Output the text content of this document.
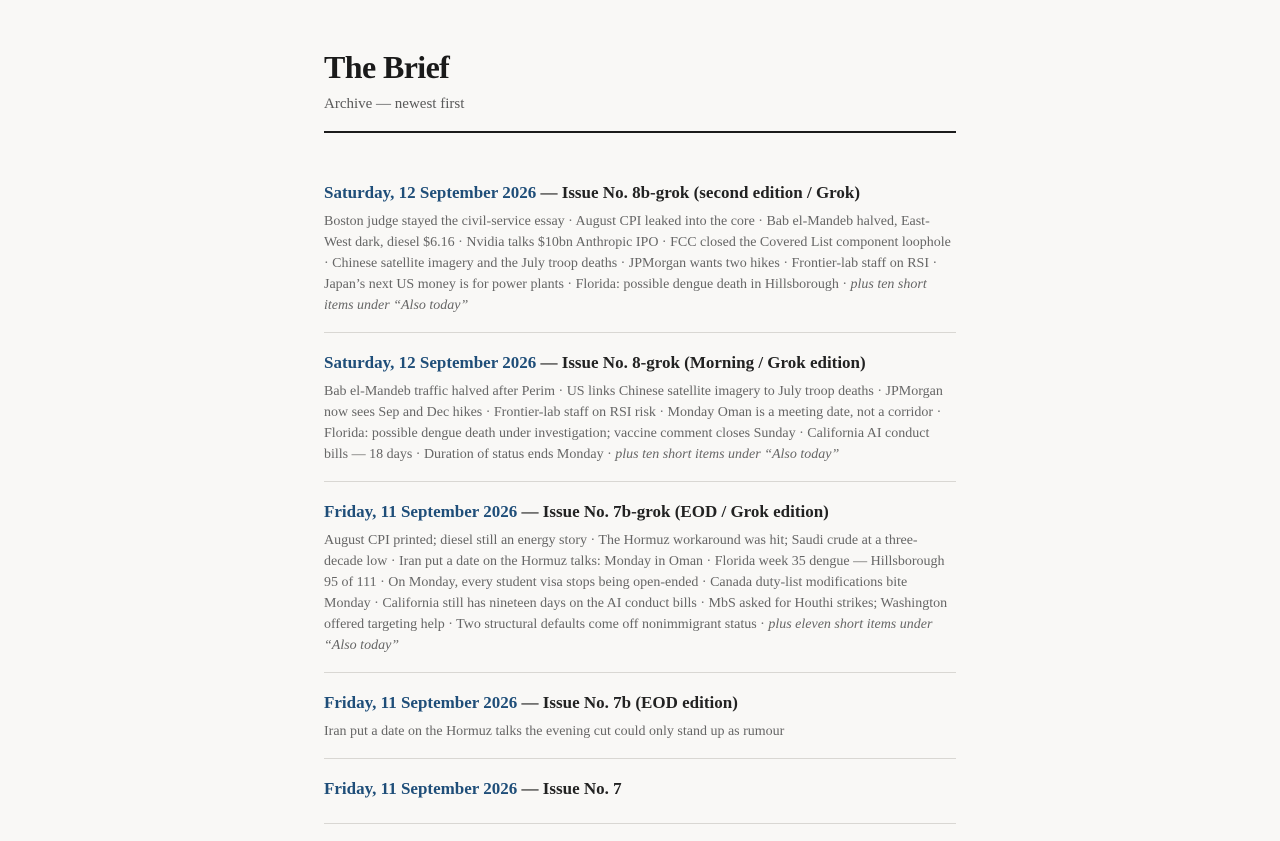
The Brief
Archive — newest first
Saturday, 12 September 2026 — Issue No. 8b-grok (second edition / Grok)
Boston judge stayed the civil-service essay · August CPI leaked into the core · Bab el-Mandeb halved, East-West dark, diesel $6.16 · Nvidia talks $10bn Anthropic IPO · FCC closed the Covered List component loophole · Chinese satellite imagery and the July troop deaths · JPMorgan wants two hikes · Frontier-lab staff on RSI · Japan’s next US money is for power plants · Florida: possible dengue death in Hillsborough · plus ten short items under “Also today”
Saturday, 12 September 2026 — Issue No. 8-grok (Morning / Grok edition)
Bab el-Mandeb traffic halved after Perim · US links Chinese satellite imagery to July troop deaths · JPMorgan now sees Sep and Dec hikes · Frontier-lab staff on RSI risk · Monday Oman is a meeting date, not a corridor · Florida: possible dengue death under investigation; vaccine comment closes Sunday · California AI conduct bills — 18 days · Duration of status ends Monday · plus ten short items under “Also today”
Friday, 11 September 2026 — Issue No. 7b-grok (EOD / Grok edition)
August CPI printed; diesel still an energy story · The Hormuz workaround was hit; Saudi crude at a three-decade low · Iran put a date on the Hormuz talks: Monday in Oman · Florida week 35 dengue — Hillsborough 95 of 111 · On Monday, every student visa stops being open-ended · Canada duty-list modifications bite Monday · California still has nineteen days on the AI conduct bills · MbS asked for Houthi strikes; Washington offered targeting help · Two structural defaults come off nonimmigrant status · plus eleven short items under “Also today”
Friday, 11 September 2026 — Issue No. 7b (EOD edition)
Iran put a date on the Hormuz talks the evening cut could only stand up as rumour
Friday, 11 September 2026 — Issue No. 7
